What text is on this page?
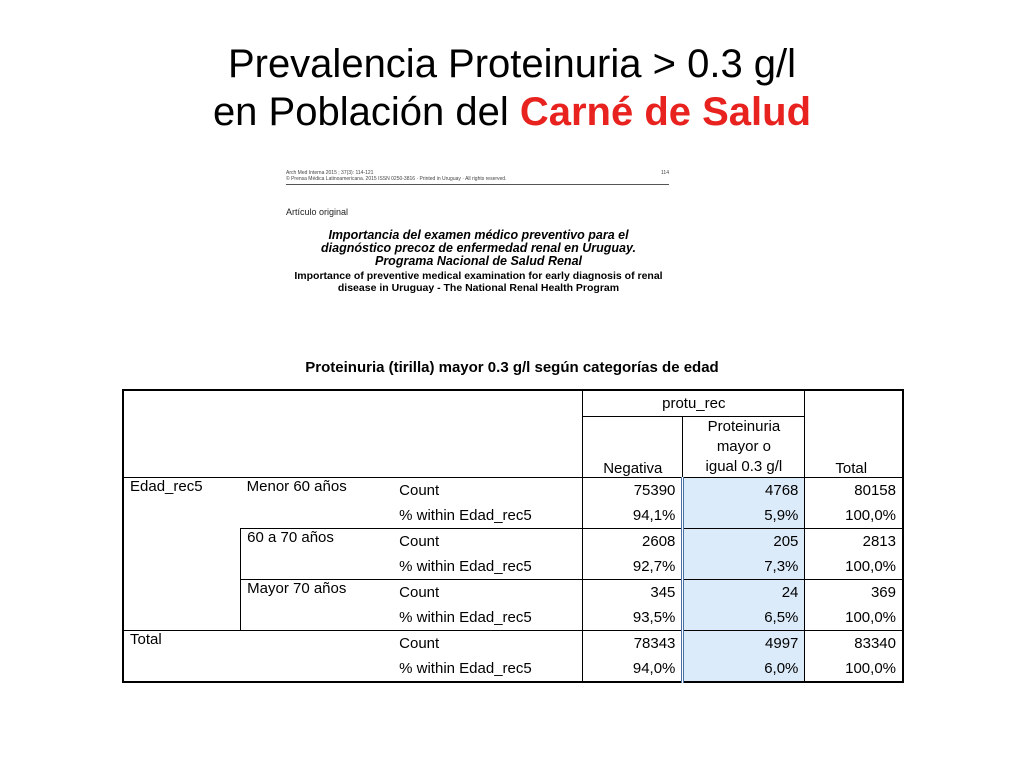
Prevalencia Proteinuria > 0.3 g/l
en Población del Carné de Salud
Arch Med Interna 2015 ; 37(3): 114-121
© Prensa Médica Latinoamericana. 2015 ISSN 0250-3816 · Printed in Uruguay · All rights reserved.
114
Artículo original
Importancia del examen médico preventivo para el
diagnóstico precoz de enfermedad renal en Uruguay.
Programa Nacional de Salud Renal
Importance of preventive medical examination for early diagnosis of renal
disease in Uruguay - The National Renal Health Program
Proteinuria (tirilla) mayor 0.3 g/l según categorías de edad
			protu_rec		Total
			Negativa	Proteinuria
mayor o
igual 0.3 g/l	

Edad_rec5	Menor 60 años	Count	75390	4768	80158
		% within Edad_rec5	94,1%	5,9%	100,0%
	60 a 70 años	Count	2608	205	2813
		% within Edad_rec5	92,7%	7,3%	100,0%
	Mayor 70 años	Count	345	24	369
		% within Edad_rec5	93,5%	6,5%	100,0%
Total		Count	78343	4997	83340
		% within Edad_rec5	94,0%	6,0%	100,0%
